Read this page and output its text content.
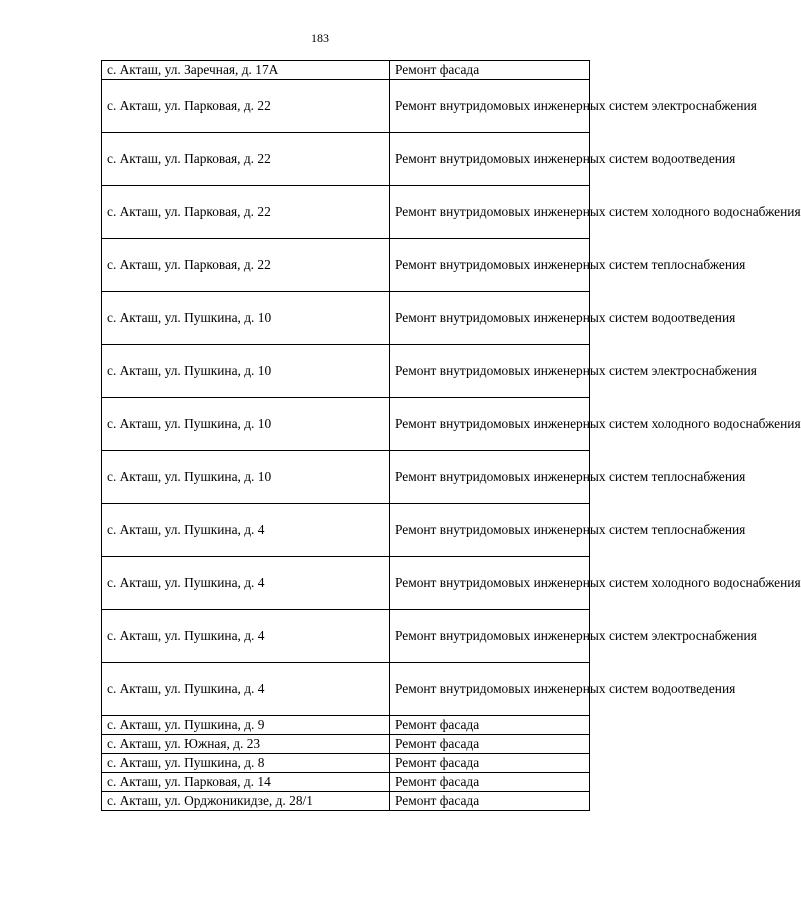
183
с. Акташ, ул. Заречная, д. 17А	Ремонт фасада
с. Акташ, ул. Парковая, д. 22	Ремонт внутридомовых инженерных систем электроснабжения
с. Акташ, ул. Парковая, д. 22	Ремонт внутридомовых инженерных систем водоотведения
с. Акташ, ул. Парковая, д. 22	Ремонт внутридомовых инженерных систем холодного водоснабжения
с. Акташ, ул. Парковая, д. 22	Ремонт внутридомовых инженерных систем теплоснабжения
с. Акташ, ул. Пушкина, д. 10	Ремонт внутридомовых инженерных систем водоотведения
с. Акташ, ул. Пушкина, д. 10	Ремонт внутридомовых инженерных систем электроснабжения
с. Акташ, ул. Пушкина, д. 10	Ремонт внутридомовых инженерных систем холодного водоснабжения
с. Акташ, ул. Пушкина, д. 10	Ремонт внутридомовых инженерных систем теплоснабжения
с. Акташ, ул. Пушкина, д. 4	Ремонт внутридомовых инженерных систем теплоснабжения
с. Акташ, ул. Пушкина, д. 4	Ремонт внутридомовых инженерных систем холодного водоснабжения
с. Акташ, ул. Пушкина, д. 4	Ремонт внутридомовых инженерных систем электроснабжения
с. Акташ, ул. Пушкина, д. 4	Ремонт внутридомовых инженерных систем водоотведения
с. Акташ, ул. Пушкина, д. 9	Ремонт фасада
с. Акташ, ул. Южная, д. 23	Ремонт фасада
с. Акташ, ул. Пушкина, д. 8	Ремонт фасада
с. Акташ, ул. Парковая, д. 14	Ремонт фасада
с. Акташ, ул. Орджоникидзе, д. 28/1	Ремонт фасада
